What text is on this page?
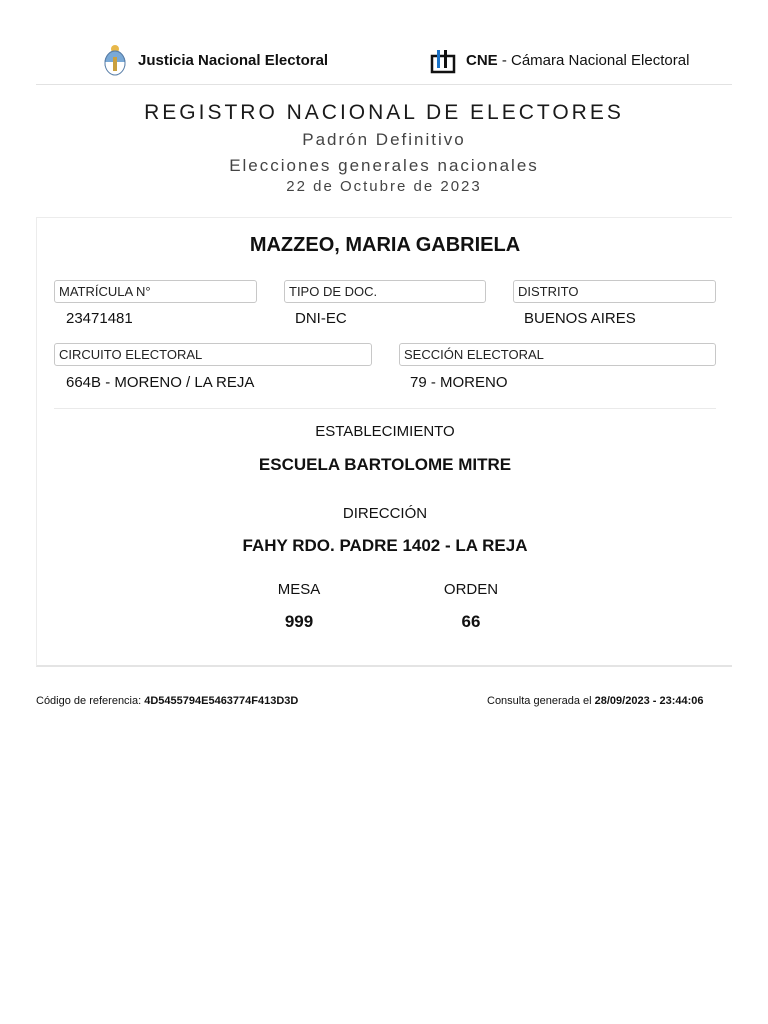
Justicia Nacional Electoral	CNE - Cámara Nacional Electoral
REGISTRO NACIONAL DE ELECTORES
Padrón Definitivo
Elecciones generales nacionales
22 de Octubre de 2023
MAZZEO, MARIA GABRIELA
MATRÍCULA N°
23471481
TIPO DE DOC.
DNI-EC
DISTRITO
BUENOS AIRES
CIRCUITO ELECTORAL
664B - MORENO / LA REJA
SECCIÓN ELECTORAL
79 - MORENO
ESTABLECIMIENTO
ESCUELA BARTOLOME MITRE
DIRECCIÓN
FAHY RDO. PADRE 1402 - LA REJA
MESA
999
ORDEN
66
Código de referencia: 4D5455794E5463774F413D3D	Consulta generada el 28/09/2023 - 23:44:06
